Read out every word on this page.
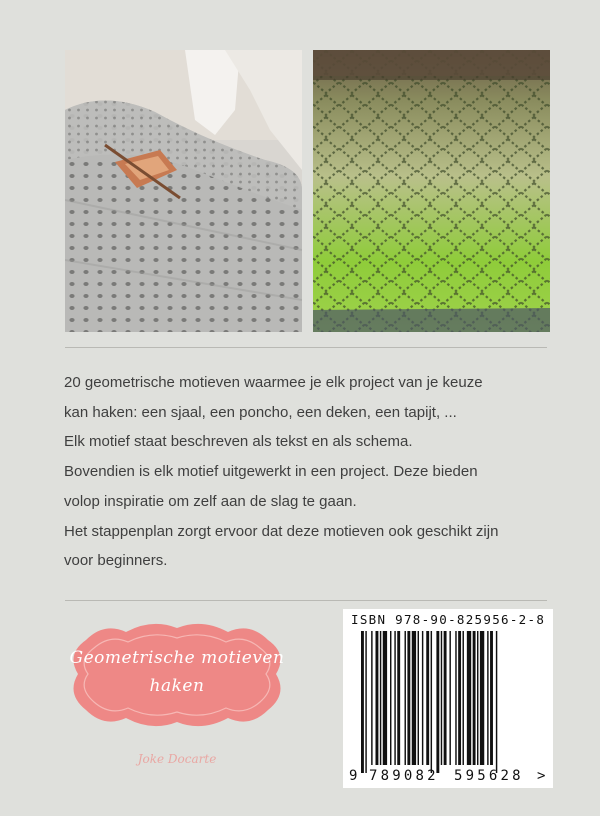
20 geometrische motieven waarmee je elk project van je keuze

kan haken: een sjaal, een poncho, een deken, een tapijt, ...

Elk motief staat beschreven als tekst en als schema.

Bovendien is elk motief uitgewerkt in een project. Deze bieden

volop inspiratie om zelf aan de slag te gaan.

Het stappenplan zorgt ervoor dat deze motieven ook geschikt zijn

voor beginners.

Geometrische motieven
haken
Joke Docarte
ISBN 978-90-825956-2-8
9 789082 595628 >
